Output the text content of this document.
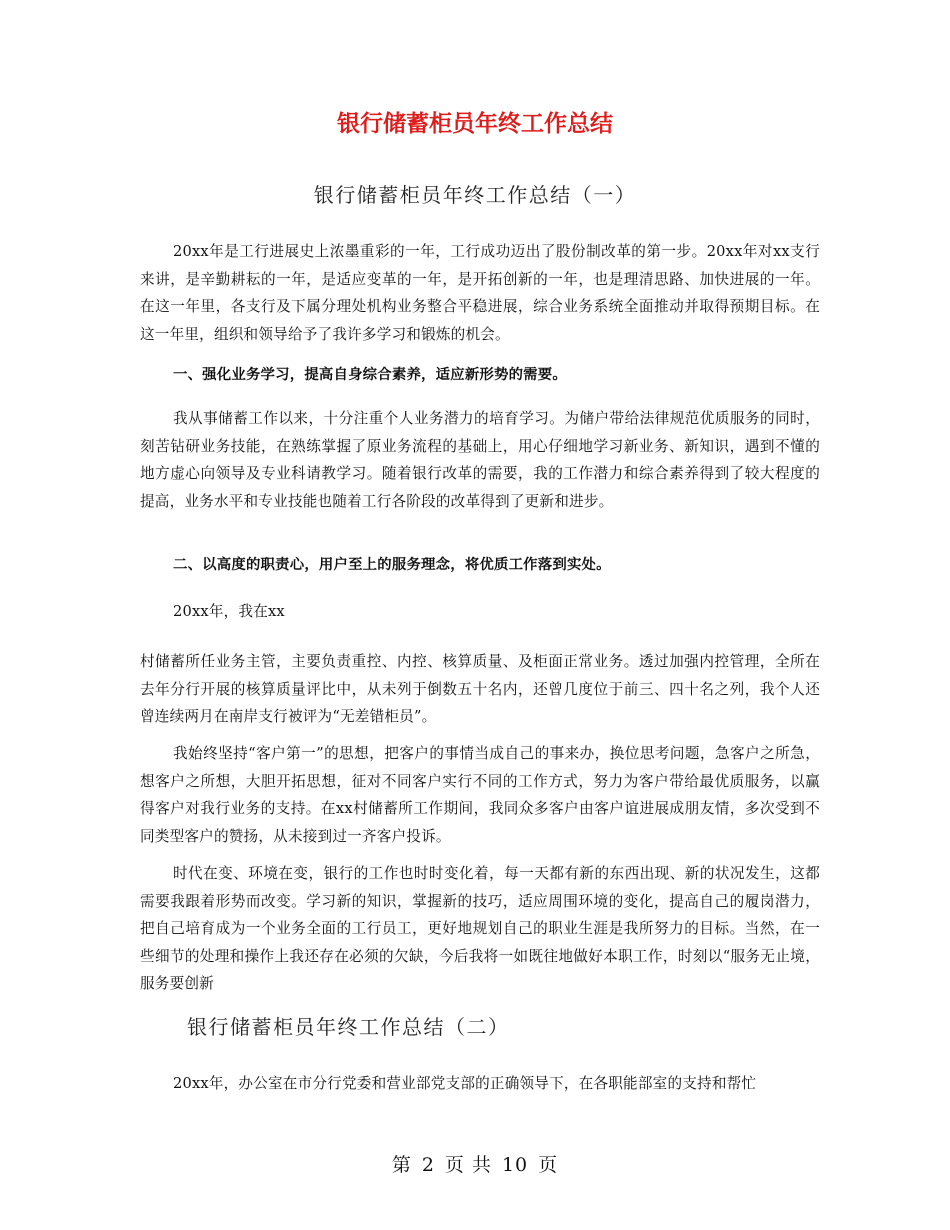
银行储蓄柜员年终工作总结
银行储蓄柜员年终工作总结（一）
20xx年是工行进展史上浓墨重彩的一年，工行成功迈出了股份制改革的第一步。20xx年对xx支行来讲，是辛勤耕耘的一年，是适应变革的一年，是开拓创新的一年，也是理清思路、加快进展的一年。在这一年里，各支行及下属分理处机构业务整合平稳进展，综合业务系统全面推动并取得预期目标。在这一年里，组织和领导给予了我许多学习和锻炼的机会。
一、强化业务学习，提高自身综合素养，适应新形势的需要。
我从事储蓄工作以来，十分注重个人业务潜力的培育学习。为储户带给法律规范优质服务的同时，刻苦钻研业务技能，在熟练掌握了原业务流程的基础上，用心仔细地学习新业务、新知识，遇到不懂的地方虚心向领导及专业科请教学习。随着银行改革的需要，我的工作潜力和综合素养得到了较大程度的提高，业务水平和专业技能也随着工行各阶段的改革得到了更新和进步。
二、以高度的职责心，用户至上的服务理念，将优质工作落到实处。
20xx年，我在xx
村储蓄所任业务主管，主要负责重控、内控、核算质量、及柜面正常业务。透过加强内控管理，全所在去年分行开展的核算质量评比中，从未列于倒数五十名内，还曾几度位于前三、四十名之列，我个人还曾连续两月在南岸支行被评为“无差错柜员”。
我始终坚持“客户第一”的思想，把客户的事情当成自己的事来办，换位思考问题，急客户之所急，想客户之所想，大胆开拓思想，征对不同客户实行不同的工作方式，努力为客户带给最优质服务，以赢得客户对我行业务的支持。在xx村储蓄所工作期间，我同众多客户由客户谊进展成朋友情，多次受到不同类型客户的赞扬，从未接到过一齐客户投诉。
时代在变、环境在变，银行的工作也时时变化着，每一天都有新的东西出现、新的状况发生，这都需要我跟着形势而改变。学习新的知识，掌握新的技巧，适应周围环境的变化，提高自己的履岗潜力，把自己培育成为一个业务全面的工行员工，更好地规划自己的职业生涯是我所努力的目标。当然，在一些细节的处理和操作上我还存在必须的欠缺，今后我将一如既往地做好本职工作，时刻以“服务无止境，服务要创新
银行储蓄柜员年终工作总结（二）
20xx年，办公室在市分行党委和营业部党支部的正确领导下，在各职能部室的支持和帮忙
第 2 页 共 10 页
